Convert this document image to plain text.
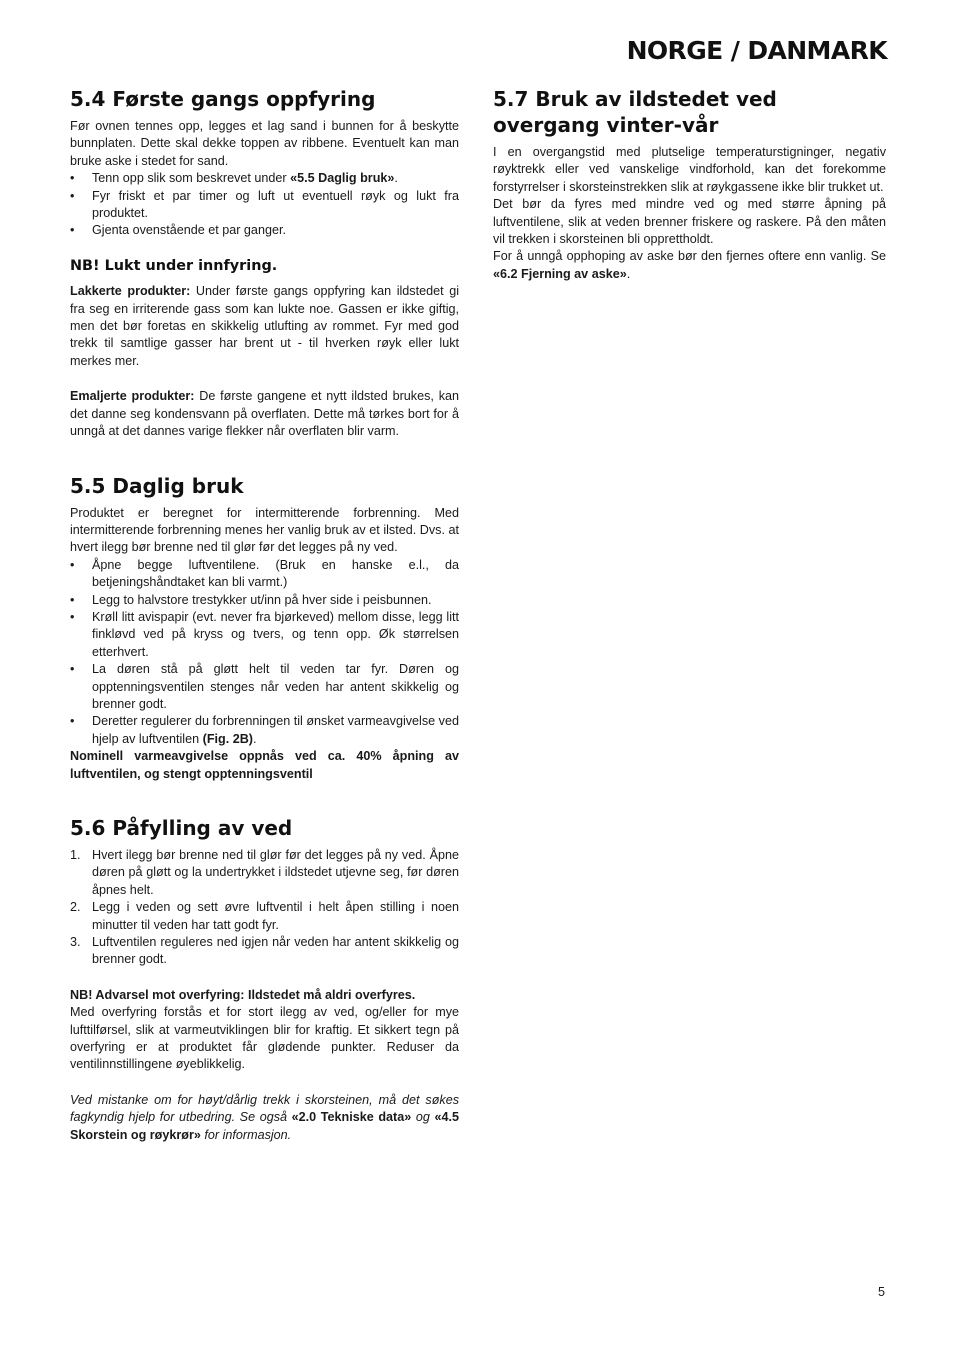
NORGE / DANMARK
5.4 Første gangs oppfyring

Før ovnen tennes opp, legges et lag sand i bunnen for å beskytte bunnplaten. Dette skal dekke toppen av ribbene. Eventuelt kan man bruke aske i stedet for sand.

• Tenn opp slik som beskrevet under «5.5 Daglig bruk».
• Fyr friskt et par timer og luft ut eventuell røyk og lukt fra produktet.
• Gjenta ovenstående et par ganger.
NB! Lukt under innfyring.

Lakkerte produkter: Under første gangs oppfyring kan ildstedet gi fra seg en irriterende gass som kan lukte noe. Gassen er ikke giftig, men det bør foretas en skikkelig utlufting av rommet. Fyr med god trekk til samtlige gasser har brent ut - til hverken røyk eller lukt merkes mer.

Emaljerte produkter: De første gangene et nytt ildsted brukes, kan det danne seg kondensvann på overflaten. Dette må tørkes bort for å unngå at det dannes varige flekker når overflaten blir varm.

5.5 Daglig bruk

Produktet er beregnet for intermitterende forbrenning. Med intermitterende forbrenning menes her vanlig bruk av et ilsted. Dvs. at hvert ilegg bør brenne ned til glør før det legges på ny ved.

• Åpne begge luftventilene. (Bruk en hanske e.l., da betjeningshåndtaket kan bli varmt.)
• Legg to halvstore trestykker ut/inn på hver side i peisbunnen.
• Krøll litt avispapir (evt. never fra bjørkeved) mellom disse, legg litt finkløvd ved på kryss og tvers, og tenn opp. Øk størrelsen etterhvert.
• La døren stå på gløtt helt til veden tar fyr. Døren og opptenningsventilen stenges når veden har antent skikkelig og brenner godt.
• Deretter regulerer du forbrenningen til ønsket varmeavgivelse ved hjelp av luftventilen (Fig. 2B).

Nominell varmeavgivelse oppnås ved ca. 40% åpning av luftventilen, og stengt opptenningsventil

5.6 Påfylling av ved
1. Hvert ilegg bør brenne ned til glør før det legges på ny ved. Åpne døren på gløtt og la undertrykket i ildstedet utjevne seg, før døren åpnes helt.
2. Legg i veden og sett øvre luftventil i helt åpen stilling i noen minutter til veden har tatt godt fyr.
3. Luftventilen reguleres ned igjen når veden har antent skikkelig og brenner godt.

NB! Advarsel mot overfyring: Ildstedet må aldri overfyres.

Med overfyring forstås et for stort ilegg av ved, og/eller for mye lufttilførsel, slik at varmeutviklingen blir for kraftig. Et sikkert tegn på overfyring er at produktet får glødende punkter. Reduser da ventilinnstillingene øyeblikkelig.

Ved mistanke om for høyt/dårlig trekk i skorsteinen, må det søkes fagkyndig hjelp for utbedring. Se også «2.0 Tekniske data» og «4.5 Skorstein og røykrør» for informasjon.

5.7 Bruk av ildstedet ved overgang vinter-vår

I en overgangstid med plutselige temperaturstigninger, negativ røyktrekk eller ved vanskelige vindforhold, kan det forekomme forstyrrelser i skorsteinstrekken slik at røykgassene ikke blir trukket ut.

Det bør da fyres med mindre ved og med større åpning på luftventilene, slik at veden brenner friskere og raskere. På den måten vil trekken i skorsteinen bli opprettholdt.

For å unngå opphoping av aske bør den fjernes oftere enn vanlig. Se «6.2 Fjerning av aske».

5
